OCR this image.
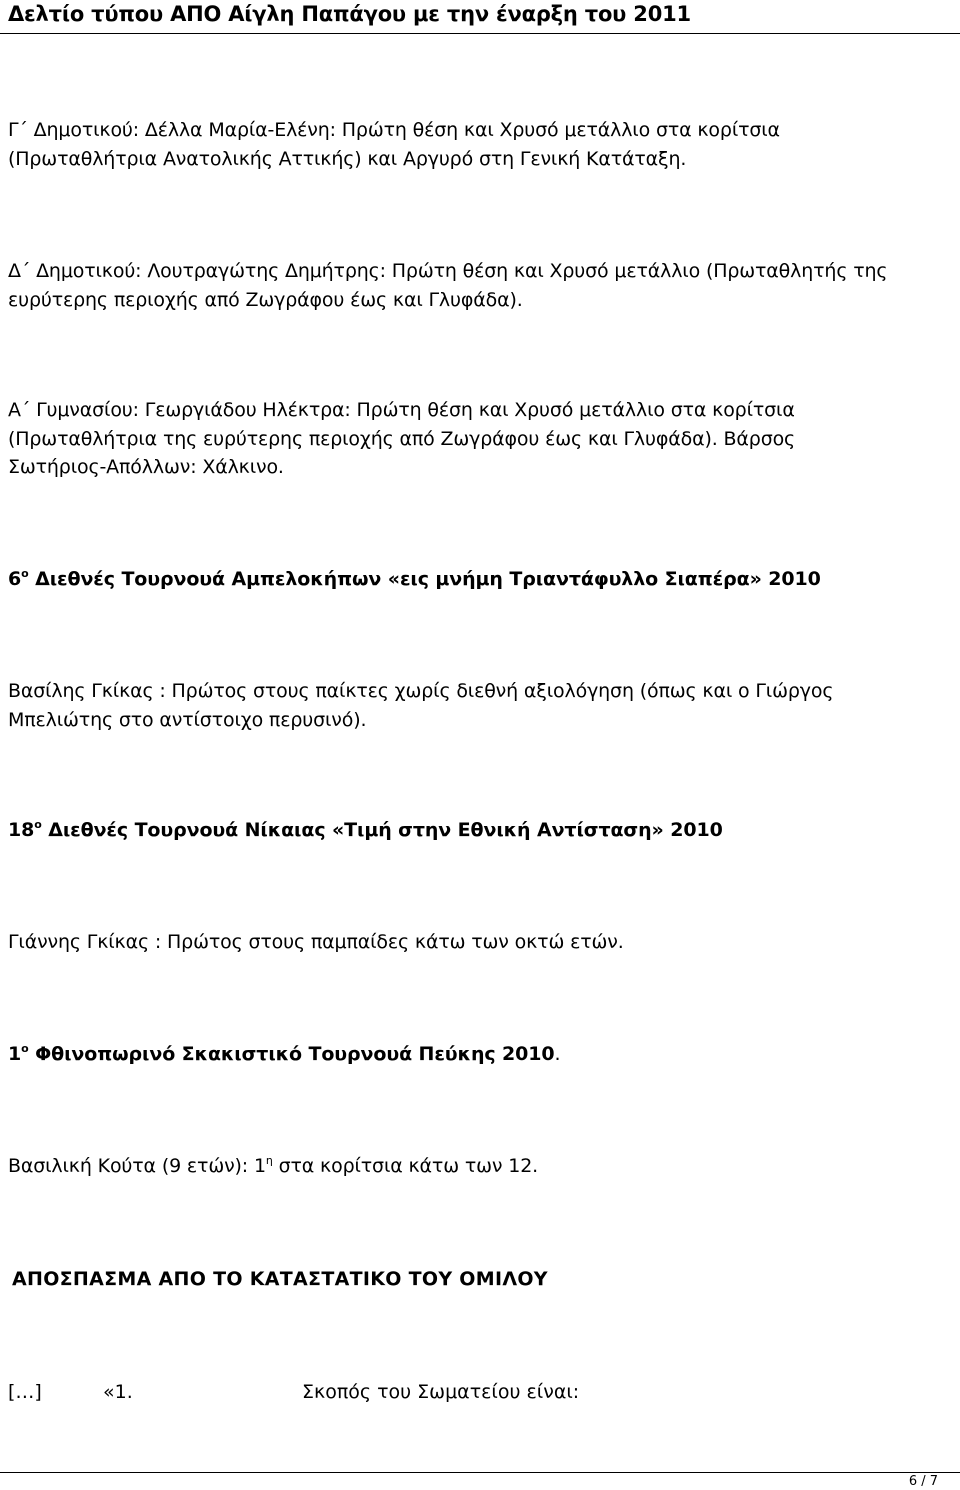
Δελτίο τύπου ΑΠΟ Αίγλη Παπάγου με την έναρξη του 2011
Γ΄ Δημοτικού: Δέλλα Μαρία-Ελένη: Πρώτη θέση και Χρυσό μετάλλιο στα κορίτσια
(Πρωταθλήτρια Ανατολικής Αττικής) και Αργυρό στη Γενική Κατάταξη.
Δ΄ Δημοτικού: Λουτραγώτης Δημήτρης: Πρώτη θέση και Χρυσό μετάλλιο (Πρωταθλητής της
ευρύτερης περιοχής από Ζωγράφου έως και Γλυφάδα).
Α΄ Γυμνασίου: Γεωργιάδου Ηλέκτρα: Πρώτη θέση και Χρυσό μετάλλιο στα κορίτσια
(Πρωταθλήτρια της ευρύτερης περιοχής από Ζωγράφου έως και Γλυφάδα). Βάρσος
Σωτήριος-Απόλλων: Χάλκινο.
$6^o$ Διεθνές Τουρνουά Αμπελοκήπων «εις μνήμη Τριαντάφυλλο Σιαπέρα» 2010
Βασίλης Γκίκας : Πρώτος στους παίκτες χωρίς διεθνή αξιολόγηση (όπως και ο Γιώργος
Μπελιώτης στο αντίστοιχο περυσινό).
$18^o$ Διεθνές Τουρνουά Νίκαιας «Τιμή στην Εθνική Αντίσταση» 2010
Γιάννης Γκίκας : Πρώτος στους παμπαίδες κάτω των οκτώ ετών.
$1^o$ Φθινοπωρινό Σκακιστικό Τουρνουά Πεύκης 2010.
Βασιλική Κούτα (9 ετών): $1^\eta$ στα κορίτσια κάτω των 12.
ΑΠΟΣΠΑΣΜΑ ΑΠΟ ΤΟ ΚΑΤΑΣΤΑΤΙΚΟ ΤΟΥ ΟΜΙΛΟΥ
[…]	«1.	Σκοπός του Σωματείου είναι:
6 / 7
